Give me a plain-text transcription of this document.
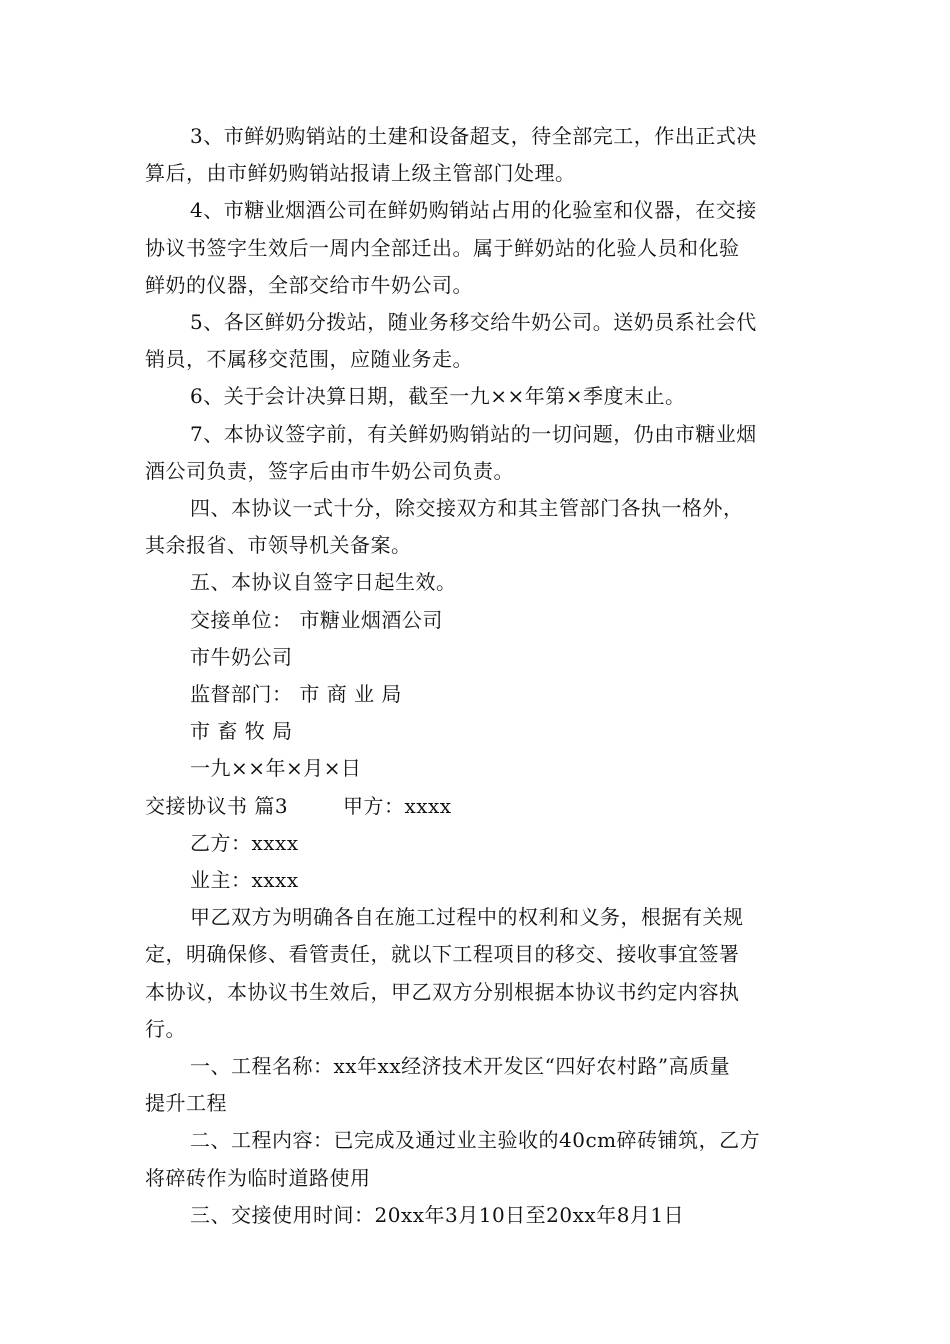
3、市鲜奶购销站的土建和设备超支，待全部完工，作出正式决
算后，由市鲜奶购销站报请上级主管部门处理。
4、市糖业烟酒公司在鲜奶购销站占用的化验室和仪器，在交接
协议书签字生效后一周内全部迁出。属于鲜奶站的化验人员和化验
鲜奶的仪器，全部交给市牛奶公司。
5、各区鲜奶分拨站，随业务移交给牛奶公司。送奶员系社会代
销员，不属移交范围，应随业务走。
6、关于会计决算日期，截至一九××年第×季度末止。
7、本协议签字前，有关鲜奶购销站的一切问题，仍由市糖业烟
酒公司负责，签字后由市牛奶公司负责。
四、本协议一式十分，除交接双方和其主管部门各执一格外，
其余报省、市领导机关备案。
五、本协议自签字日起生效。
交接单位： 市糖业烟酒公司
市牛奶公司
监督部门： 市 商 业 局
市 畜 牧 局
一九××年×月×日
交接协议书 篇3        甲方：xxxx
乙方：xxxx
业主：xxxx
甲乙双方为明确各自在施工过程中的权利和义务，根据有关规
定，明确保修、看管责任，就以下工程项目的移交、接收事宜签署
本协议，本协议书生效后，甲乙双方分别根据本协议书约定内容执
行。
一、工程名称：xx年xx经济技术开发区“四好农村路”高质量
提升工程
二、工程内容：已完成及通过业主验收的40cm碎砖铺筑，乙方
将碎砖作为临时道路使用
三、交接使用时间：20xx年3月10日至20xx年8月1日
